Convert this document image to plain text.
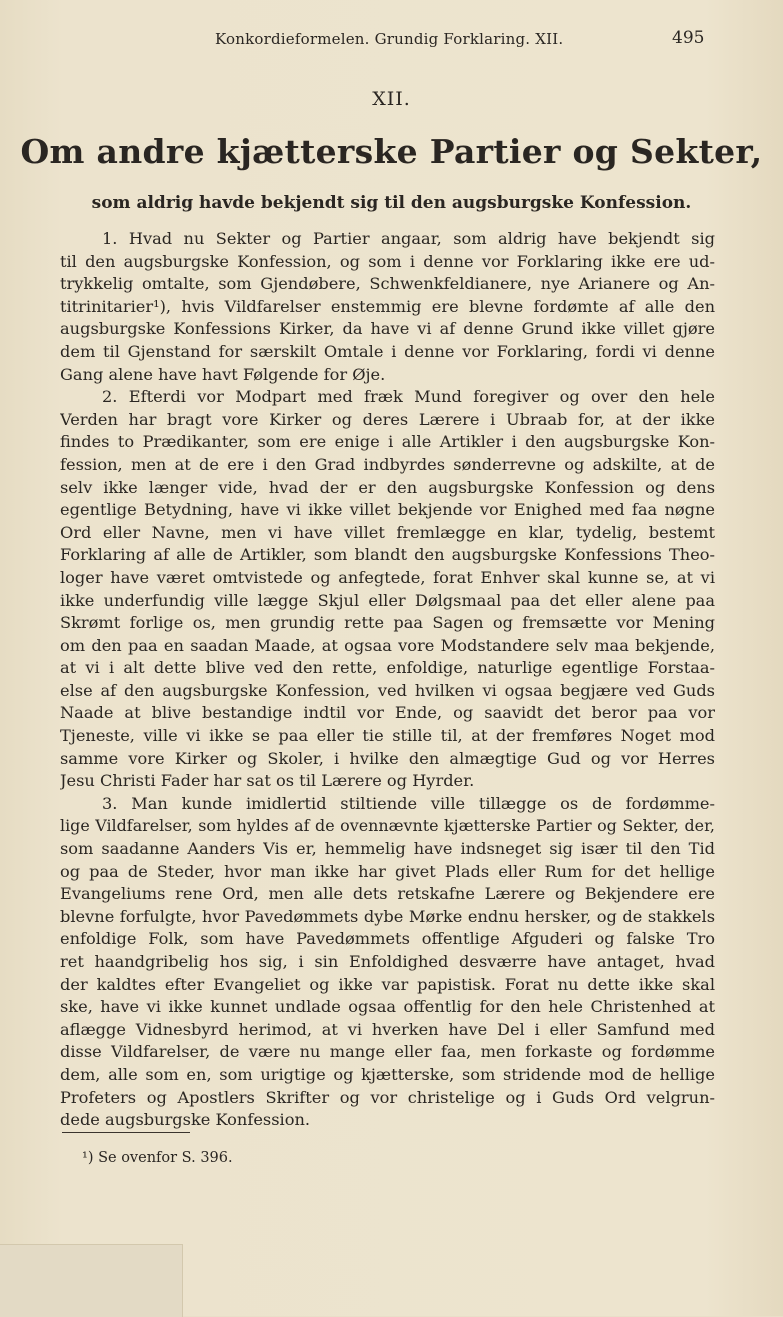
Konkordieformelen. Grundig Forklaring. XII.	495
XII.
Om andre kjætterske Partier og Sekter,
som aldrig havde bekjendt sig til den augsburgske Konfession.
1. Hvad nu Sekter og Partier angaar, som aldrig have bekjendt sig
til den augsburgske Konfession, og som i denne vor Forklaring ikke ere ud-
trykkelig omtalte, som Gjendøbere, Schwenkfeldianere, nye Arianere og An-
titrinitarier¹), hvis Vildfarelser enstemmig ere blevne fordømte af alle den
augsburgske Konfessions Kirker, da have vi af denne Grund ikke villet gjøre
dem til Gjenstand for særskilt Omtale i denne vor Forklaring, fordi vi denne
Gang alene have havt Følgende for Øje.
2. Efterdi vor Modpart med fræk Mund foregiver og over den hele
Verden har bragt vore Kirker og deres Lærere i Ubraab for, at der ikke
findes to Prædikanter, som ere enige i alle Artikler i den augsburgske Kon-
fession, men at de ere i den Grad indbyrdes sønderrevne og adskilte, at de
selv ikke længer vide, hvad der er den augsburgske Konfession og dens
egentlige Betydning, have vi ikke villet bekjende vor Enighed med faa nøgne
Ord eller Navne, men vi have villet fremlægge en klar, tydelig, bestemt
Forklaring af alle de Artikler, som blandt den augsburgske Konfessions Theo-
loger have været omtvistede og anfegtede, forat Enhver skal kunne se, at vi
ikke underfundig ville lægge Skjul eller Dølgsmaal paa det eller alene paa
Skrømt forlige os, men grundig rette paa Sagen og fremsætte vor Mening
om den paa en saadan Maade, at ogsaa vore Modstandere selv maa bekjende,
at vi i alt dette blive ved den rette, enfoldige, naturlige egentlige Forstaa-
else af den augsburgske Konfession, ved hvilken vi ogsaa begjære ved Guds
Naade at blive bestandige indtil vor Ende, og saavidt det beror paa vor
Tjeneste, ville vi ikke se paa eller tie stille til, at der fremføres Noget mod
samme vore Kirker og Skoler, i hvilke den almægtige Gud og vor Herres
Jesu Christi Fader har sat os til Lærere og Hyrder.
3. Man kunde imidlertid stiltiende ville tillægge os de fordømme-
lige Vildfarelser, som hyldes af de ovennævnte kjætterske Partier og Sekter, der,
som saadanne Aanders Vis er, hemmelig have indsneget sig især til den Tid
og paa de Steder, hvor man ikke har givet Plads eller Rum for det hellige
Evangeliums rene Ord, men alle dets retskafne Lærere og Bekjendere ere
blevne forfulgte, hvor Pavedømmets dybe Mørke endnu hersker, og de stakkels
enfoldige Folk, som have Pavedømmets offentlige Afguderi og falske Tro
ret haandgribelig hos sig, i sin Enfoldighed desværre have antaget, hvad
der kaldtes efter Evangeliet og ikke var papistisk. Forat nu dette ikke skal
ske, have vi ikke kunnet undlade ogsaa offentlig for den hele Christenhed at
aflægge Vidnesbyrd herimod, at vi hverken have Del i eller Samfund med
disse Vildfarelser, de være nu mange eller faa, men forkaste og fordømme
dem, alle som en, som urigtige og kjætterske, som stridende mod de hellige
Profeters og Apostlers Skrifter og vor christelige og i Guds Ord velgrun-
dede augsburgske Konfession.
¹) Se ovenfor S. 396.
